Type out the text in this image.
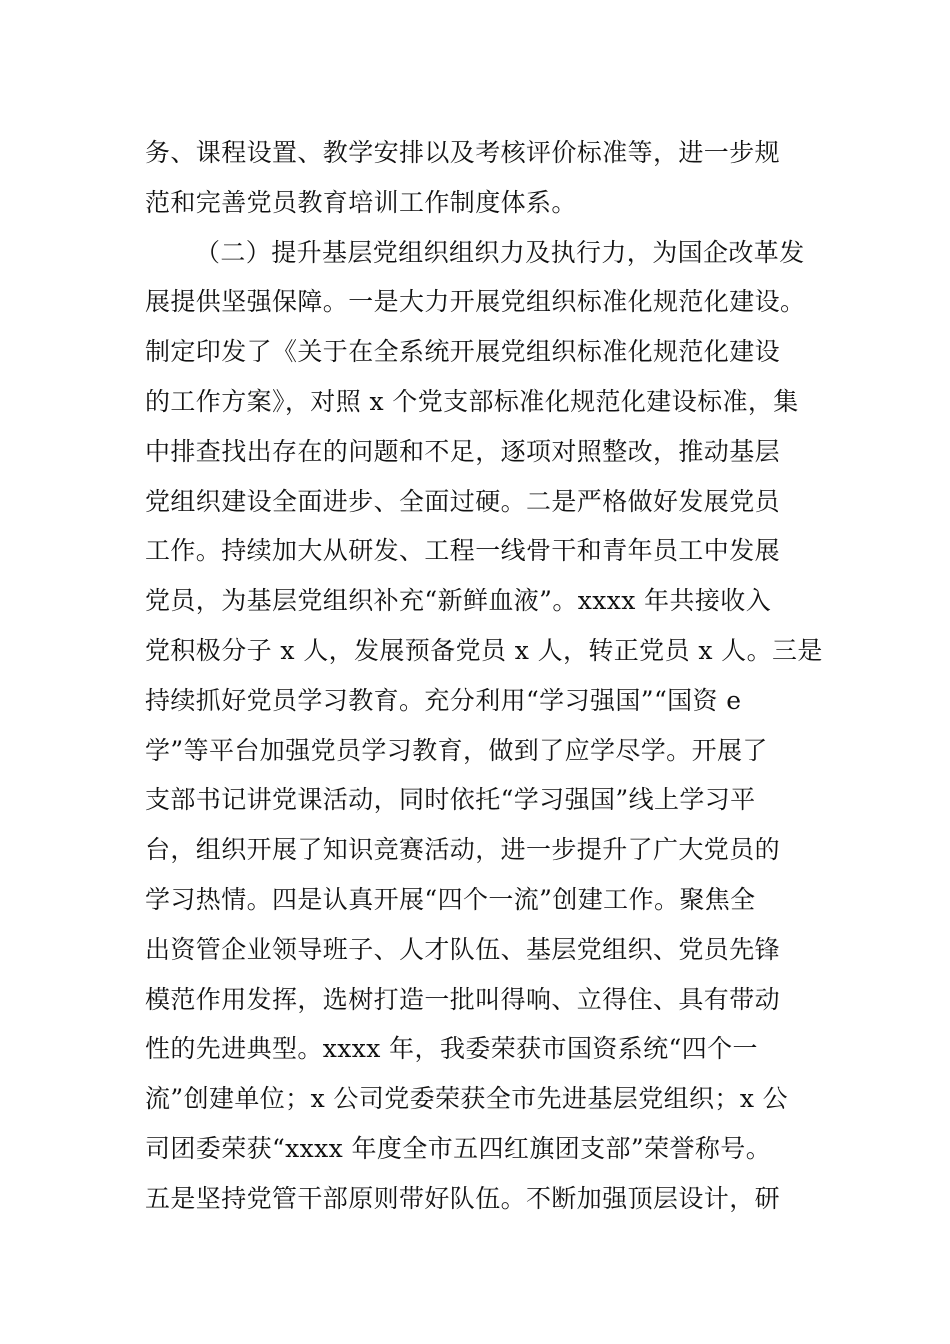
务、课程设置、教学安排以及考核评价标准等，进一步规
范和完善党员教育培训工作制度体系。
（二）提升基层党组织组织力及执行力，为国企改革发
展提供坚强保障。一是大力开展党组织标准化规范化建设。
制定印发了《关于在全系统开展党组织标准化规范化建设
的工作方案》，对照 x 个党支部标准化规范化建设标准，集
中排查找出存在的问题和不足，逐项对照整改，推动基层
党组织建设全面进步、全面过硬。二是严格做好发展党员
工作。持续加大从研发、工程一线骨干和青年员工中发展
党员，为基层党组织补充“新鲜血液”。xxxx 年共接收入
党积极分子 x 人，发展预备党员 x 人，转正党员 x 人。三是
持续抓好党员学习教育。充分利用“学习强国”“国资 e
学”等平台加强党员学习教育，做到了应学尽学。开展了
支部书记讲党课活动，同时依托“学习强国”线上学习平
台，组织开展了知识竞赛活动，进一步提升了广大党员的
学习热情。四是认真开展“四个一流”创建工作。聚焦全
出资管企业领导班子、人才队伍、基层党组织、党员先锋
模范作用发挥，选树打造一批叫得响、立得住、具有带动
性的先进典型。xxxx 年，我委荣获市国资系统“四个一
流”创建单位；x 公司党委荣获全市先进基层党组织；x 公
司团委荣获“xxxx 年度全市五四红旗团支部”荣誉称号。
五是坚持党管干部原则带好队伍。不断加强顶层设计，研
